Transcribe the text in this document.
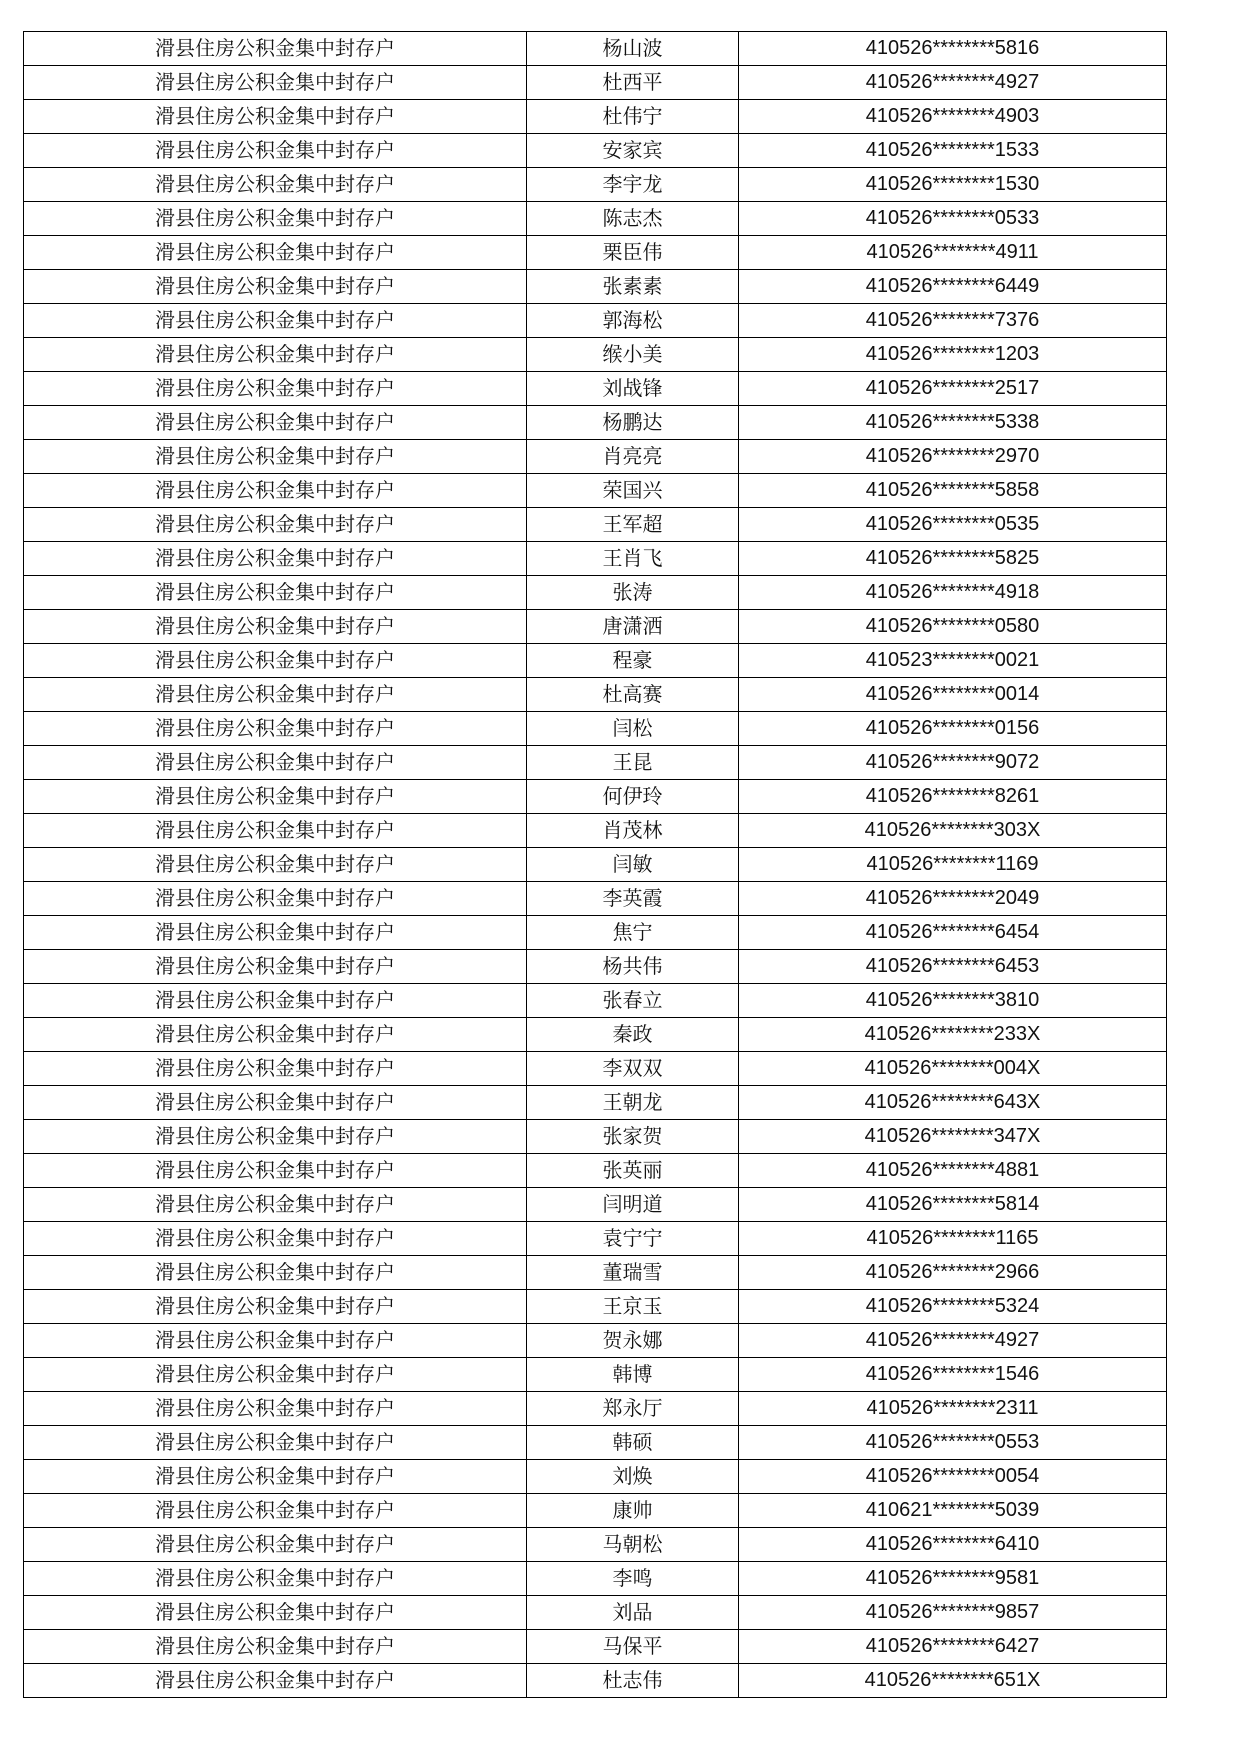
滑县住房公积金集中封存户	杨山波	410526********5816
滑县住房公积金集中封存户	杜西平	410526********4927
滑县住房公积金集中封存户	杜伟宁	410526********4903
滑县住房公积金集中封存户	安家宾	410526********1533
滑县住房公积金集中封存户	李宇龙	410526********1530
滑县住房公积金集中封存户	陈志杰	410526********0533
滑县住房公积金集中封存户	栗臣伟	410526********4911
滑县住房公积金集中封存户	张素素	410526********6449
滑县住房公积金集中封存户	郭海松	410526********7376
滑县住房公积金集中封存户	缑小美	410526********1203
滑县住房公积金集中封存户	刘战锋	410526********2517
滑县住房公积金集中封存户	杨鹏达	410526********5338
滑县住房公积金集中封存户	肖亮亮	410526********2970
滑县住房公积金集中封存户	荣国兴	410526********5858
滑县住房公积金集中封存户	王军超	410526********0535
滑县住房公积金集中封存户	王肖飞	410526********5825
滑县住房公积金集中封存户	张涛	410526********4918
滑县住房公积金集中封存户	唐潇洒	410526********0580
滑县住房公积金集中封存户	程豪	410523********0021
滑县住房公积金集中封存户	杜高赛	410526********0014
滑县住房公积金集中封存户	闫松	410526********0156
滑县住房公积金集中封存户	王昆	410526********9072
滑县住房公积金集中封存户	何伊玲	410526********8261
滑县住房公积金集中封存户	肖茂林	410526********303X
滑县住房公积金集中封存户	闫敏	410526********1169
滑县住房公积金集中封存户	李英霞	410526********2049
滑县住房公积金集中封存户	焦宁	410526********6454
滑县住房公积金集中封存户	杨共伟	410526********6453
滑县住房公积金集中封存户	张春立	410526********3810
滑县住房公积金集中封存户	秦政	410526********233X
滑县住房公积金集中封存户	李双双	410526********004X
滑县住房公积金集中封存户	王朝龙	410526********643X
滑县住房公积金集中封存户	张家贺	410526********347X
滑县住房公积金集中封存户	张英丽	410526********4881
滑县住房公积金集中封存户	闫明道	410526********5814
滑县住房公积金集中封存户	袁宁宁	410526********1165
滑县住房公积金集中封存户	董瑞雪	410526********2966
滑县住房公积金集中封存户	王京玉	410526********5324
滑县住房公积金集中封存户	贺永娜	410526********4927
滑县住房公积金集中封存户	韩博	410526********1546
滑县住房公积金集中封存户	郑永厅	410526********2311
滑县住房公积金集中封存户	韩硕	410526********0553
滑县住房公积金集中封存户	刘焕	410526********0054
滑县住房公积金集中封存户	康帅	410621********5039
滑县住房公积金集中封存户	马朝松	410526********6410
滑县住房公积金集中封存户	李鸣	410526********9581
滑县住房公积金集中封存户	刘品	410526********9857
滑县住房公积金集中封存户	马保平	410526********6427
滑县住房公积金集中封存户	杜志伟	410526********651X
